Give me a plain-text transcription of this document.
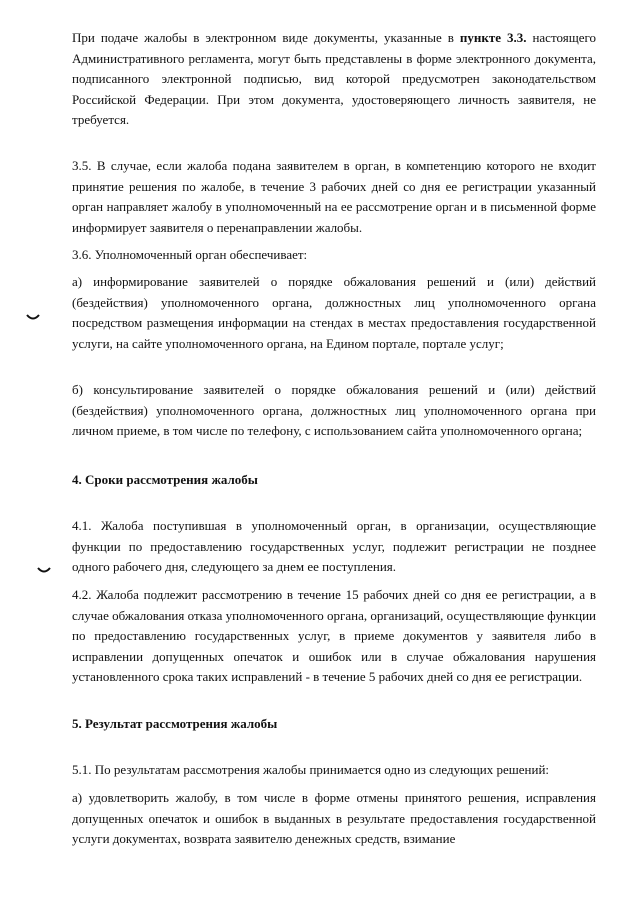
При подаче жалобы в электронном виде документы, указанные в пункте 3.3. настоящего Административного регламента, могут быть представлены в форме электронного документа, подписанного электронной подписью, вид которой предусмотрен законодательством Российской Федерации. При этом документа, удостоверяющего личность заявителя, не требуется.

3.5. В случае, если жалоба подана заявителем в орган, в компетенцию которого не входит принятие решения по жалобе, в течение 3 рабочих дней со дня ее регистрации указанный орган направляет жалобу в уполномоченный на ее рассмотрение орган и в письменной форме информирует заявителя о перенаправлении жалобы.

3.6. Уполномоченный орган обеспечивает:

а) информирование заявителей о порядке обжалования решений и (или) действий (бездействия) уполномоченного органа, должностных лиц уполномоченного органа посредством размещения информации на стендах в местах предоставления государственной услуги, на сайте уполномоченного органа, на Едином портале, портале услуг;

б) консультирование заявителей о порядке обжалования решений и (или) действий (бездействия) уполномоченного органа, должностных лиц уполномоченного органа при личном приеме, в том числе по телефону, с использованием сайта уполномоченного органа;

4. Сроки рассмотрения жалобы

4.1. Жалоба поступившая в уполномоченный орган, в организации, осуществляющие функции по предоставлению государственных услуг, подлежит регистрации не позднее одного рабочего дня, следующего за днем ее поступления.

4.2. Жалоба подлежит рассмотрению в течение 15 рабочих дней со дня ее регистрации, а в случае обжалования отказа уполномоченного органа, организаций, осуществляющие функции по предоставлению государственных услуг, в приеме документов у заявителя либо в исправлении допущенных опечаток и ошибок или в случае обжалования нарушения установленного срока таких исправлений - в течение 5 рабочих дней со дня ее регистрации.

5. Результат рассмотрения жалобы

5.1. По результатам рассмотрения жалобы принимается одно из следующих решений:

а) удовлетворить жалобу, в том числе в форме отмены принятого решения, исправления допущенных опечаток и ошибок в выданных в результате предоставления государственной услуги документах, возврата заявителю денежных средств, взимание
